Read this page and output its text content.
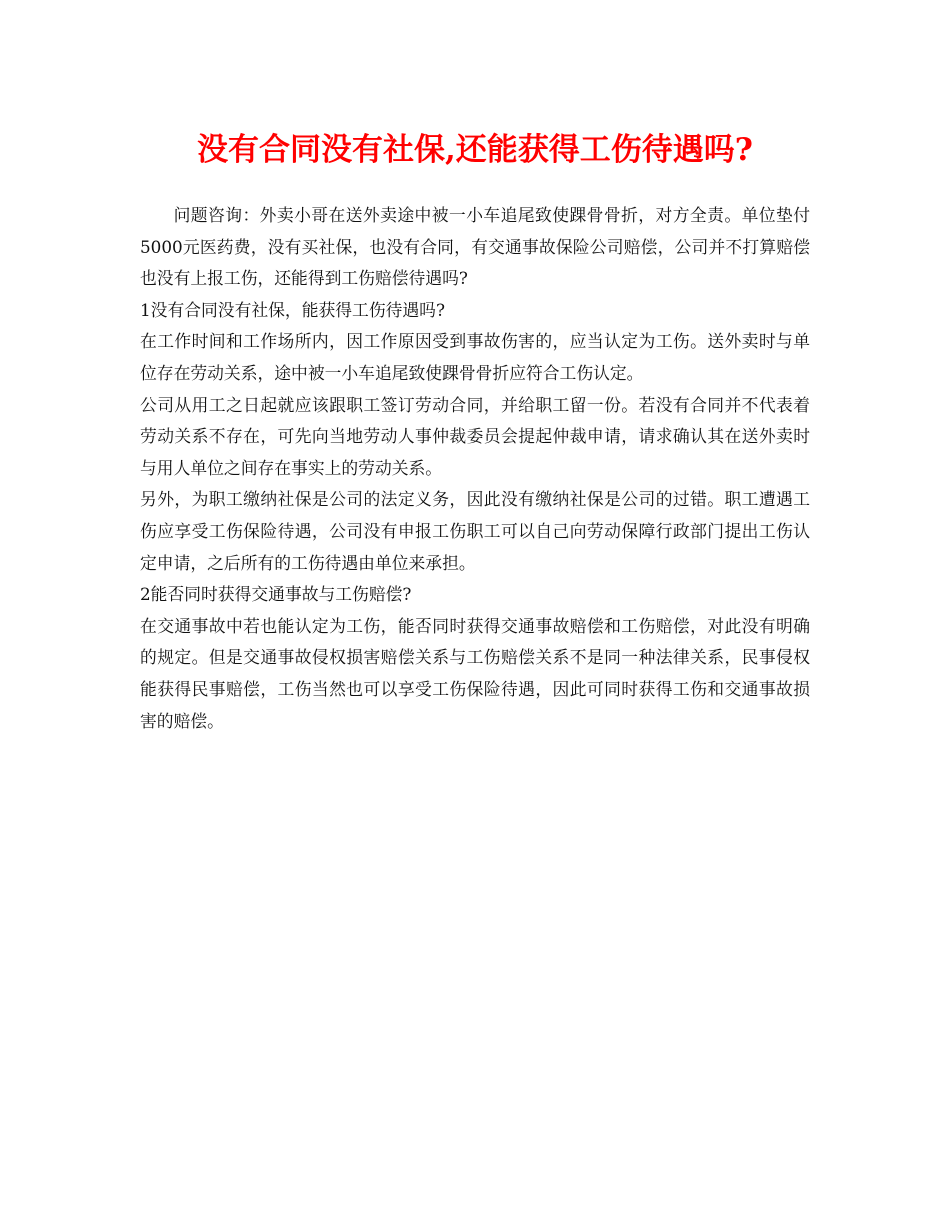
没有合同没有社保,还能获得工伤待遇吗?

问题咨询：外卖小哥在送外卖途中被一小车追尾致使踝骨骨折，对方全责。单位垫付5000元医药费，没有买社保，也没有合同，有交通事故保险公司赔偿，公司并不打算赔偿也没有上报工伤，还能得到工伤赔偿待遇吗?

1没有合同没有社保，能获得工伤待遇吗?

在工作时间和工作场所内，因工作原因受到事故伤害的，应当认定为工伤。送外卖时与单位存在劳动关系，途中被一小车追尾致使踝骨骨折应符合工伤认定。

公司从用工之日起就应该跟职工签订劳动合同，并给职工留一份。若没有合同并不代表着劳动关系不存在，可先向当地劳动人事仲裁委员会提起仲裁申请，请求确认其在送外卖时与用人单位之间存在事实上的劳动关系。

另外，为职工缴纳社保是公司的法定义务，因此没有缴纳社保是公司的过错。职工遭遇工伤应享受工伤保险待遇，公司没有申报工伤职工可以自己向劳动保障行政部门提出工伤认定申请，之后所有的工伤待遇由单位来承担。

2能否同时获得交通事故与工伤赔偿?

在交通事故中若也能认定为工伤，能否同时获得交通事故赔偿和工伤赔偿，对此没有明确的规定。但是交通事故侵权损害赔偿关系与工伤赔偿关系不是同一种法律关系，民事侵权能获得民事赔偿，工伤当然也可以享受工伤保险待遇，因此可同时获得工伤和交通事故损害的赔偿。
